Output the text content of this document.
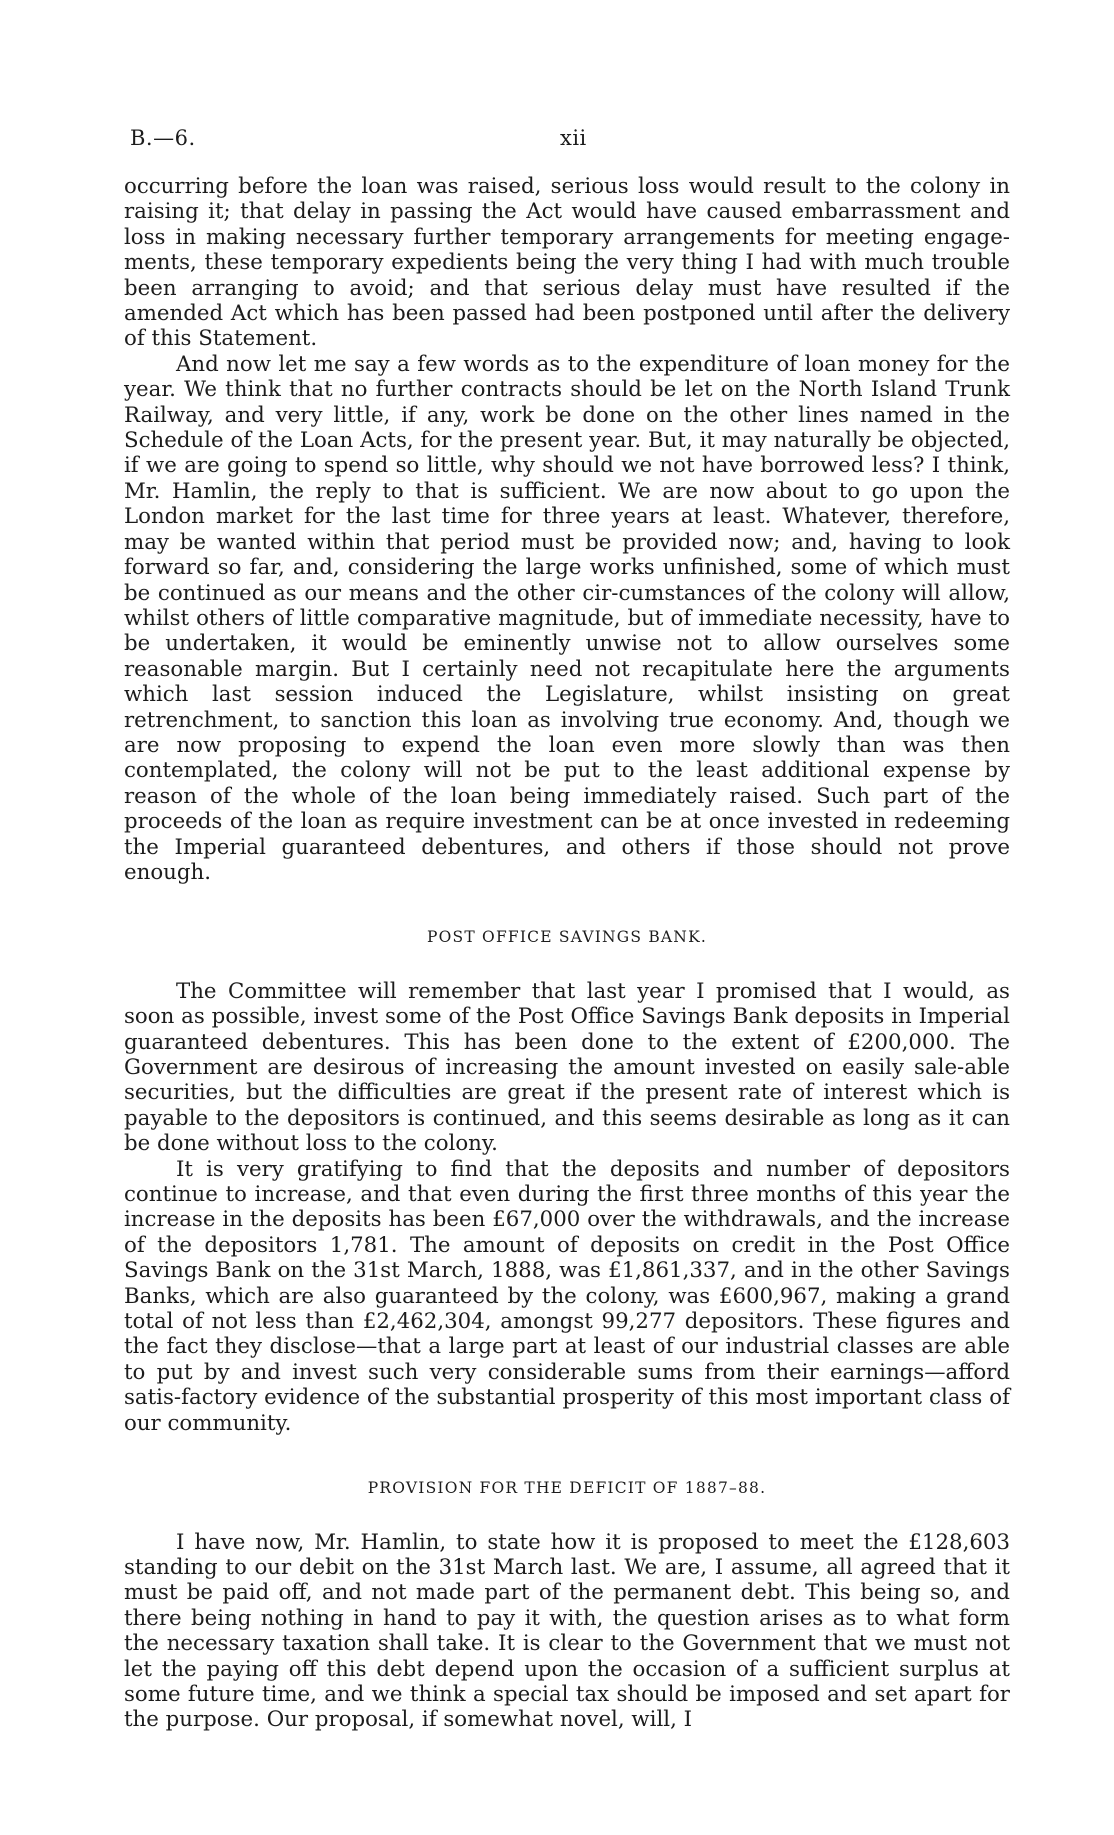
B.—6.	xii

occurring before the loan was raised, serious loss would result to the colony in raising it; that delay in passing the Act would have caused embarrassment and loss in making necessary further temporary arrangements for meeting engage-ments, these temporary expedients being the very thing I had with much trouble been arranging to avoid; and that serious delay must have resulted if the amended Act which has been passed had been postponed until after the delivery of this Statement.

And now let me say a few words as to the expenditure of loan money for the year. We think that no further contracts should be let on the North Island Trunk Railway, and very little, if any, work be done on the other lines named in the Schedule of the Loan Acts, for the present year. But, it may naturally be objected, if we are going to spend so little, why should we not have borrowed less? I think, Mr. Hamlin, the reply to that is sufficient. We are now about to go upon the London market for the last time for three years at least. Whatever, therefore, may be wanted within that period must be provided now; and, having to look forward so far, and, considering the large works unfinished, some of which must be continued as our means and the other cir-cumstances of the colony will allow, whilst others of little comparative magnitude, but of immediate necessity, have to be undertaken, it would be eminently unwise not to allow ourselves some reasonable margin. But I certainly need not recapitulate here the arguments which last session induced the Legislature, whilst insisting on great retrenchment, to sanction this loan as involving true economy. And, though we are now proposing to expend the loan even more slowly than was then contemplated, the colony will not be put to the least additional expense by reason of the whole of the loan being immediately raised. Such part of the proceeds of the loan as require investment can be at once invested in redeeming the Imperial guaranteed debentures, and others if those should not prove enough.

POST OFFICE SAVINGS BANK.

The Committee will remember that last year I promised that I would, as soon as possible, invest some of the Post Office Savings Bank deposits in Imperial guaranteed debentures. This has been done to the extent of £200,000. The Government are desirous of increasing the amount invested on easily sale-able securities, but the difficulties are great if the present rate of interest which is payable to the depositors is continued, and this seems desirable as long as it can be done without loss to the colony.

It is very gratifying to find that the deposits and number of depositors continue to increase, and that even during the first three months of this year the increase in the deposits has been £67,000 over the withdrawals, and the increase of the depositors 1,781. The amount of deposits on credit in the Post Office Savings Bank on the 31st March, 1888, was £1,861,337, and in the other Savings Banks, which are also guaranteed by the colony, was £600,967, making a grand total of not less than £2,462,304, amongst 99,277 depositors. These figures and the fact they disclose—that a large part at least of our industrial classes are able to put by and invest such very considerable sums from their earnings—afford satis-factory evidence of the substantial prosperity of this most important class of our community.

PROVISION FOR THE DEFICIT OF 1887–88.

I have now, Mr. Hamlin, to state how it is proposed to meet the £128,603 standing to our debit on the 31st March last. We are, I assume, all agreed that it must be paid off, and not made part of the permanent debt. This being so, and there being nothing in hand to pay it with, the question arises as to what form the necessary taxation shall take. It is clear to the Government that we must not let the paying off this debt depend upon the occasion of a sufficient surplus at some future time, and we think a special tax should be imposed and set apart for the purpose. Our proposal, if somewhat novel, will, I
